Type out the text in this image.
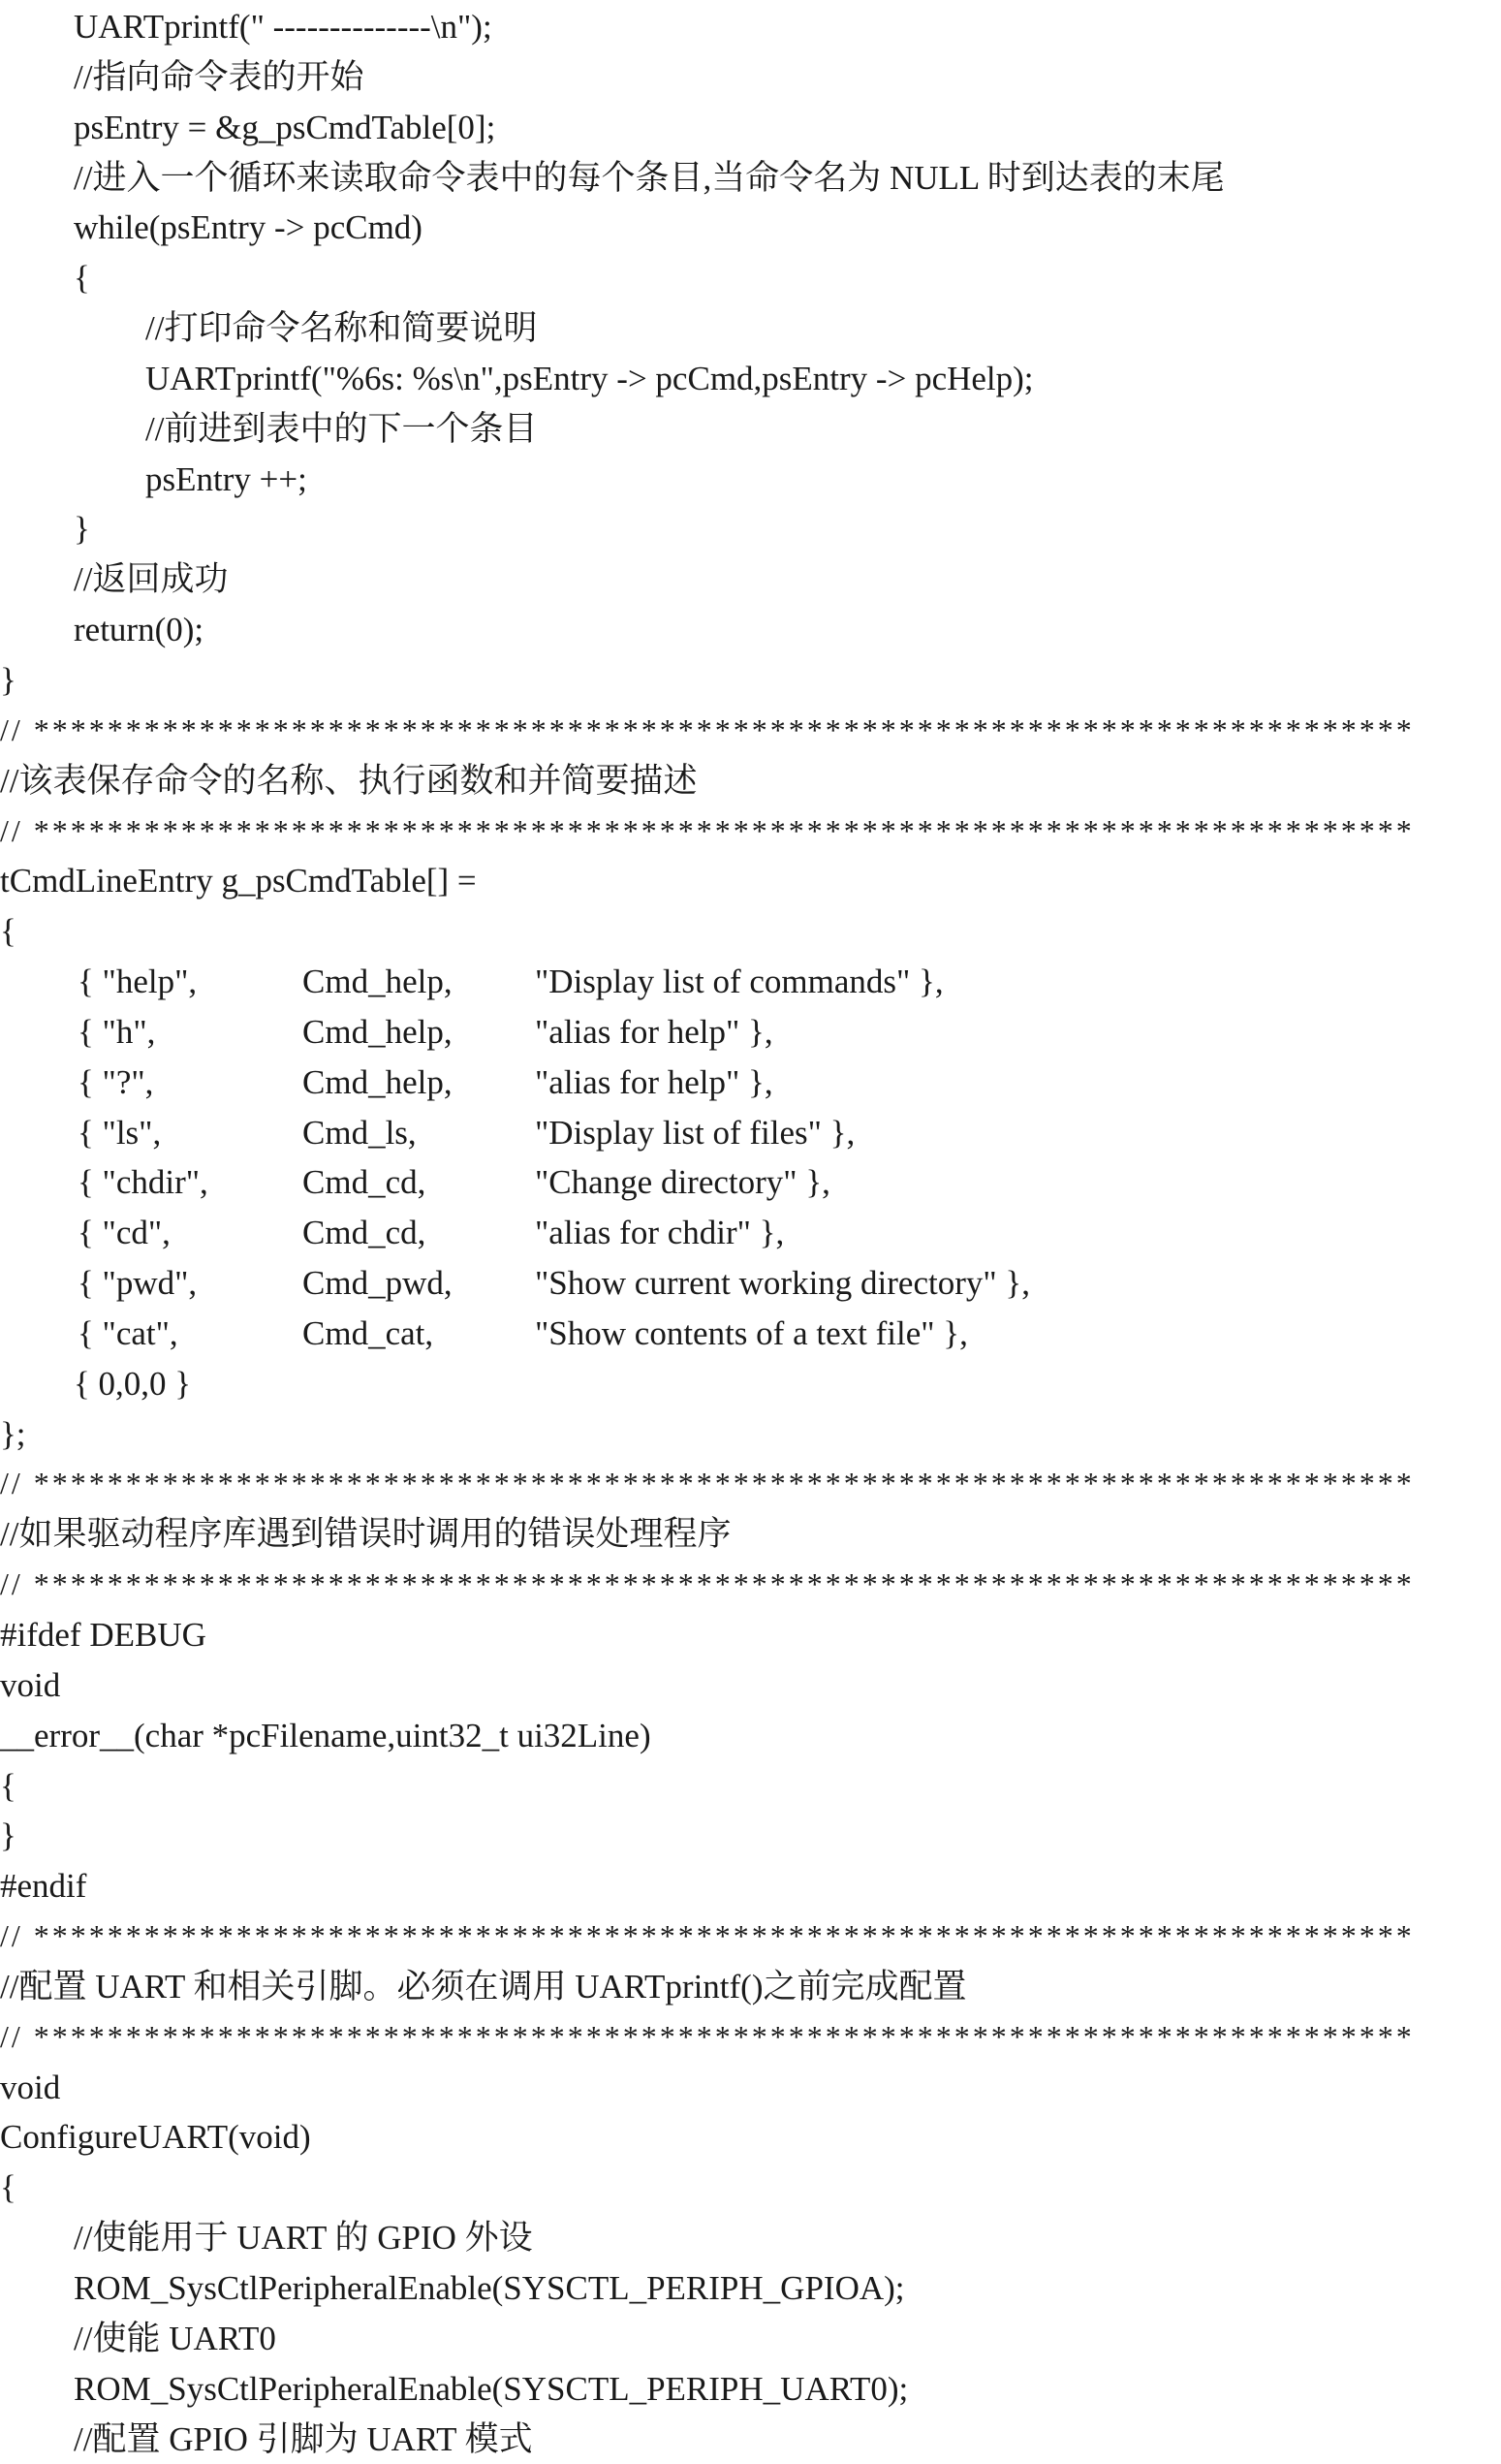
UARTprintf(" --------------\n");
//指向命令表的开始
psEntry = &g_psCmdTable[0];
//进入一个循环来读取命令表中的每个条目,当命令名为 NULL 时到达表的末尾
while(psEntry -> pcCmd)
{
//打印命令名称和简要说明
UARTprintf("%6s: %s\n",psEntry -> pcCmd,psEntry -> pcHelp);
//前进到表中的下一个条目
psEntry ++;
}
//返回成功
return(0);
}
// ***************************************************************************
//该表保存命令的名称、执行函数和并简要描述
// ***************************************************************************
tCmdLineEntry g_psCmdTable[] =
{
{ "help",	Cmd_help,	"Display list of commands" },
{ "h",	Cmd_help,	"alias for help" },
{ "?",	Cmd_help,	"alias for help" },
{ "ls",	Cmd_ls,	"Display list of files" },
{ "chdir",	Cmd_cd,	"Change directory" },
{ "cd",	Cmd_cd,	"alias for chdir" },
{ "pwd",	Cmd_pwd,	"Show current working directory" },
{ "cat",	Cmd_cat,	"Show contents of a text file" },
{ 0,0,0 }
};
// ***************************************************************************
//如果驱动程序库遇到错误时调用的错误处理程序
// ***************************************************************************
#ifdef DEBUG
void
__error__(char *pcFilename,uint32_t ui32Line)
{
}
#endif
// ***************************************************************************
//配置 UART 和相关引脚。必须在调用 UARTprintf()之前完成配置
// ***************************************************************************
void
ConfigureUART(void)
{
//使能用于 UART 的 GPIO 外设
ROM_SysCtlPeripheralEnable(SYSCTL_PERIPH_GPIOA);
//使能 UART0
ROM_SysCtlPeripheralEnable(SYSCTL_PERIPH_UART0);
//配置 GPIO 引脚为 UART 模式
